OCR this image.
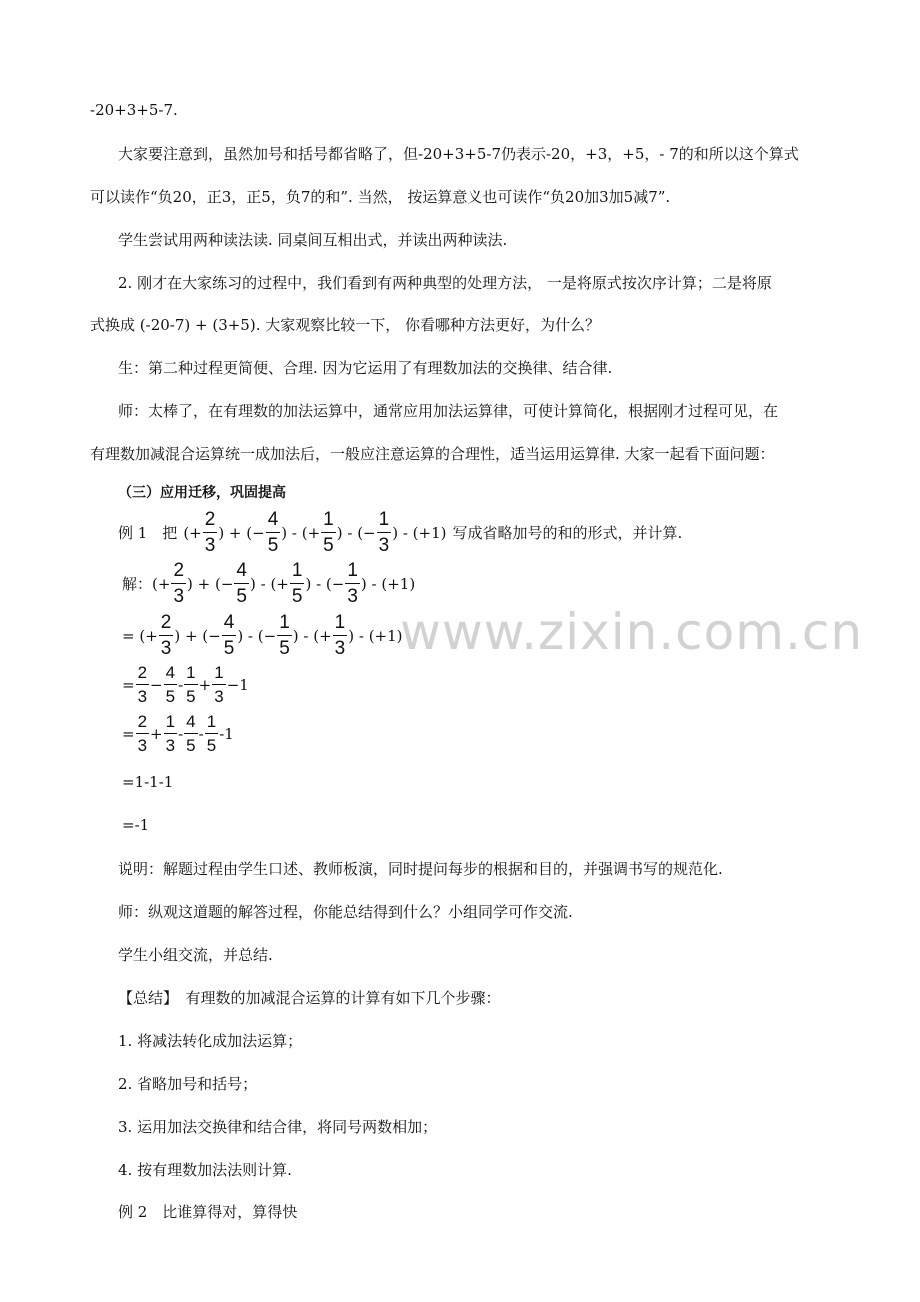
www.zixin.com.cn
-20+3+5-7.
大家要注意到，虽然加号和括号都省略了，但-20+3+5-7仍表示-20，+3，+5，- 7的和所以这个算式
可以读作“负20，正3，正5，负7的和”. 当然， 按运算意义也可读作“负20加3加5减7”.
学生尝试用两种读法读. 同桌间互相出式，并读出两种读法.
2. 刚才在大家练习的过程中，我们看到有两种典型的处理方法， 一是将原式按次序计算；二是将原
式换成 (-20-7) + (3+5). 大家观察比较一下， 你看哪种方法更好，为什么？
生：第二种过程更简便、合理. 因为它运用了有理数加法的交换律、结合律.
师：太棒了，在有理数的加法运算中，通常应用加法运算律，可使计算简化，根据刚才过程可见，在
有理数加减混合运算统一成加法后，一般应注意运算的合理性，适当运用运算律. 大家一起看下面问题：
（三）应用迁移，巩固提高
例 1　把 (+ $\frac{2}{3}$ ) + (− $\frac{4}{5}$ ) - (+ $\frac{1}{5}$ ) - (− $\frac{1}{3}$ ) - (+1) 写成省略加号的和的形式，并计算.
解： (+ $\frac{2}{3}$ ) + (− $\frac{4}{5}$ ) - (+ $\frac{1}{5}$ ) - (− $\frac{1}{3}$ ) - (+1)
= (+ $\frac{2}{3}$ ) + (− $\frac{4}{5}$ ) - (− $\frac{1}{5}$ ) - (+ $\frac{1}{3}$ ) - (+1)
= $\frac{2}{3} - \frac{4}{5} - \frac{1}{5} + \frac{1}{3} -1$
= $\frac{2}{3} + \frac{1}{3} - \frac{4}{5} - \frac{1}{5} -1$
=1-1-1
=-1
说明：解题过程由学生口述、教师板演，同时提问每步的根据和目的，并强调书写的规范化.
师：纵观这道题的解答过程，你能总结得到什么？小组同学可作交流.
学生小组交流，并总结.
【总结】　有理数的加减混合运算的计算有如下几个步骤：
1. 将减法转化成加法运算；
2. 省略加号和括号；
3. 运用加法交换律和结合律，将同号两数相加；
4. 按有理数加法法则计算.
例 2　比谁算得对，算得快
